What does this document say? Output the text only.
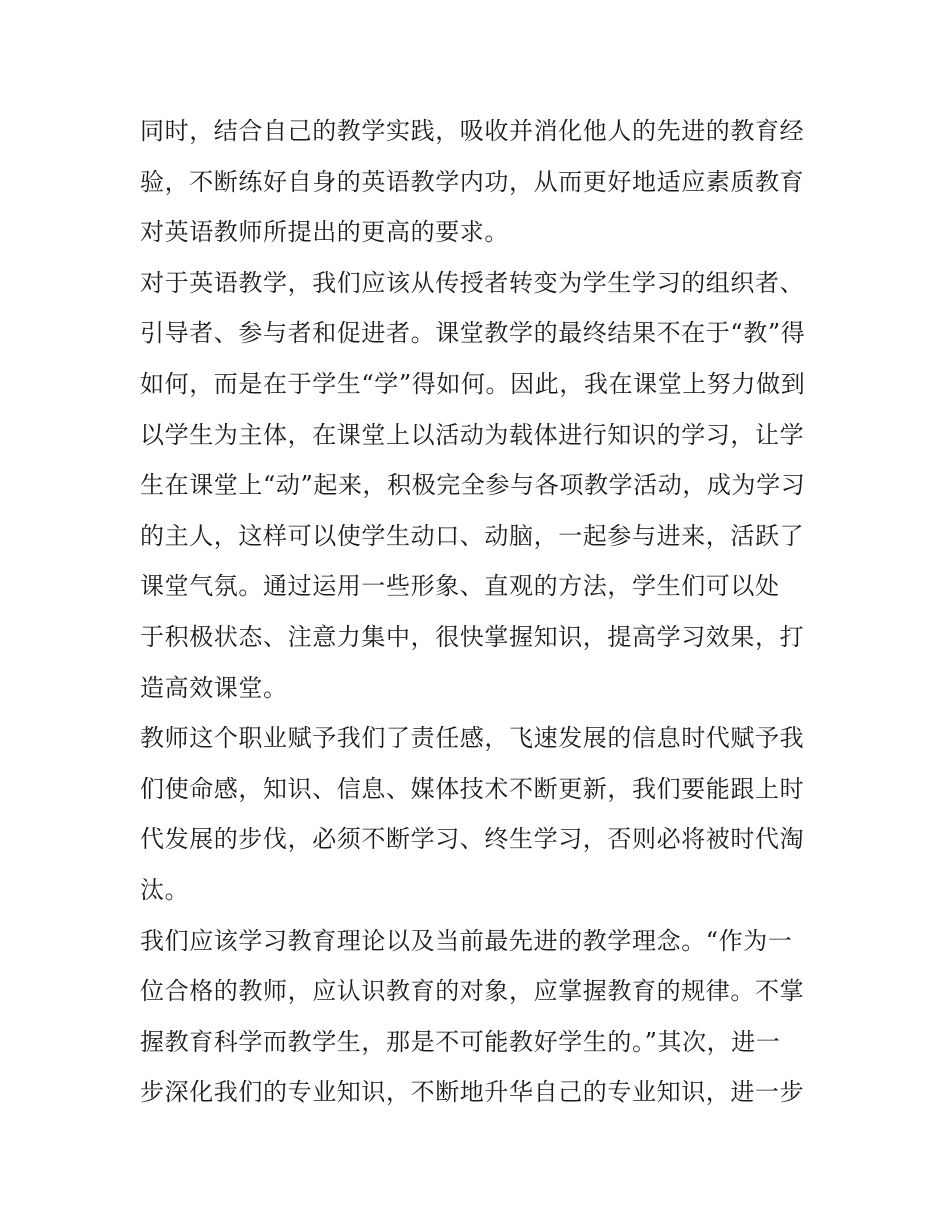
同时，结合自己的教学实践，吸收并消化他人的先进的教育经
验，不断练好自身的英语教学内功，从而更好地适应素质教育
对英语教师所提出的更高的要求。
对于英语教学，我们应该从传授者转变为学生学习的组织者、
引导者、参与者和促进者。课堂教学的最终结果不在于“教”得
如何，而是在于学生“学”得如何。因此，我在课堂上努力做到
以学生为主体，在课堂上以活动为载体进行知识的学习，让学
生在课堂上“动”起来，积极完全参与各项教学活动，成为学习
的主人，这样可以使学生动口、动脑，一起参与进来，活跃了
课堂气氛。通过运用一些形象、直观的方法，学生们可以处
于积极状态、注意力集中，很快掌握知识，提高学习效果，打
造高效课堂。
教师这个职业赋予我们了责任感，飞速发展的信息时代赋予我
们使命感，知识、信息、媒体技术不断更新，我们要能跟上时
代发展的步伐，必须不断学习、终生学习，否则必将被时代淘
汰。
我们应该学习教育理论以及当前最先进的教学理念。“作为一
位合格的教师，应认识教育的对象，应掌握教育的规律。不掌
握教育科学而教学生，那是不可能教好学生的。”其次，进一
步深化我们的专业知识，不断地升华自己的专业知识，进一步
